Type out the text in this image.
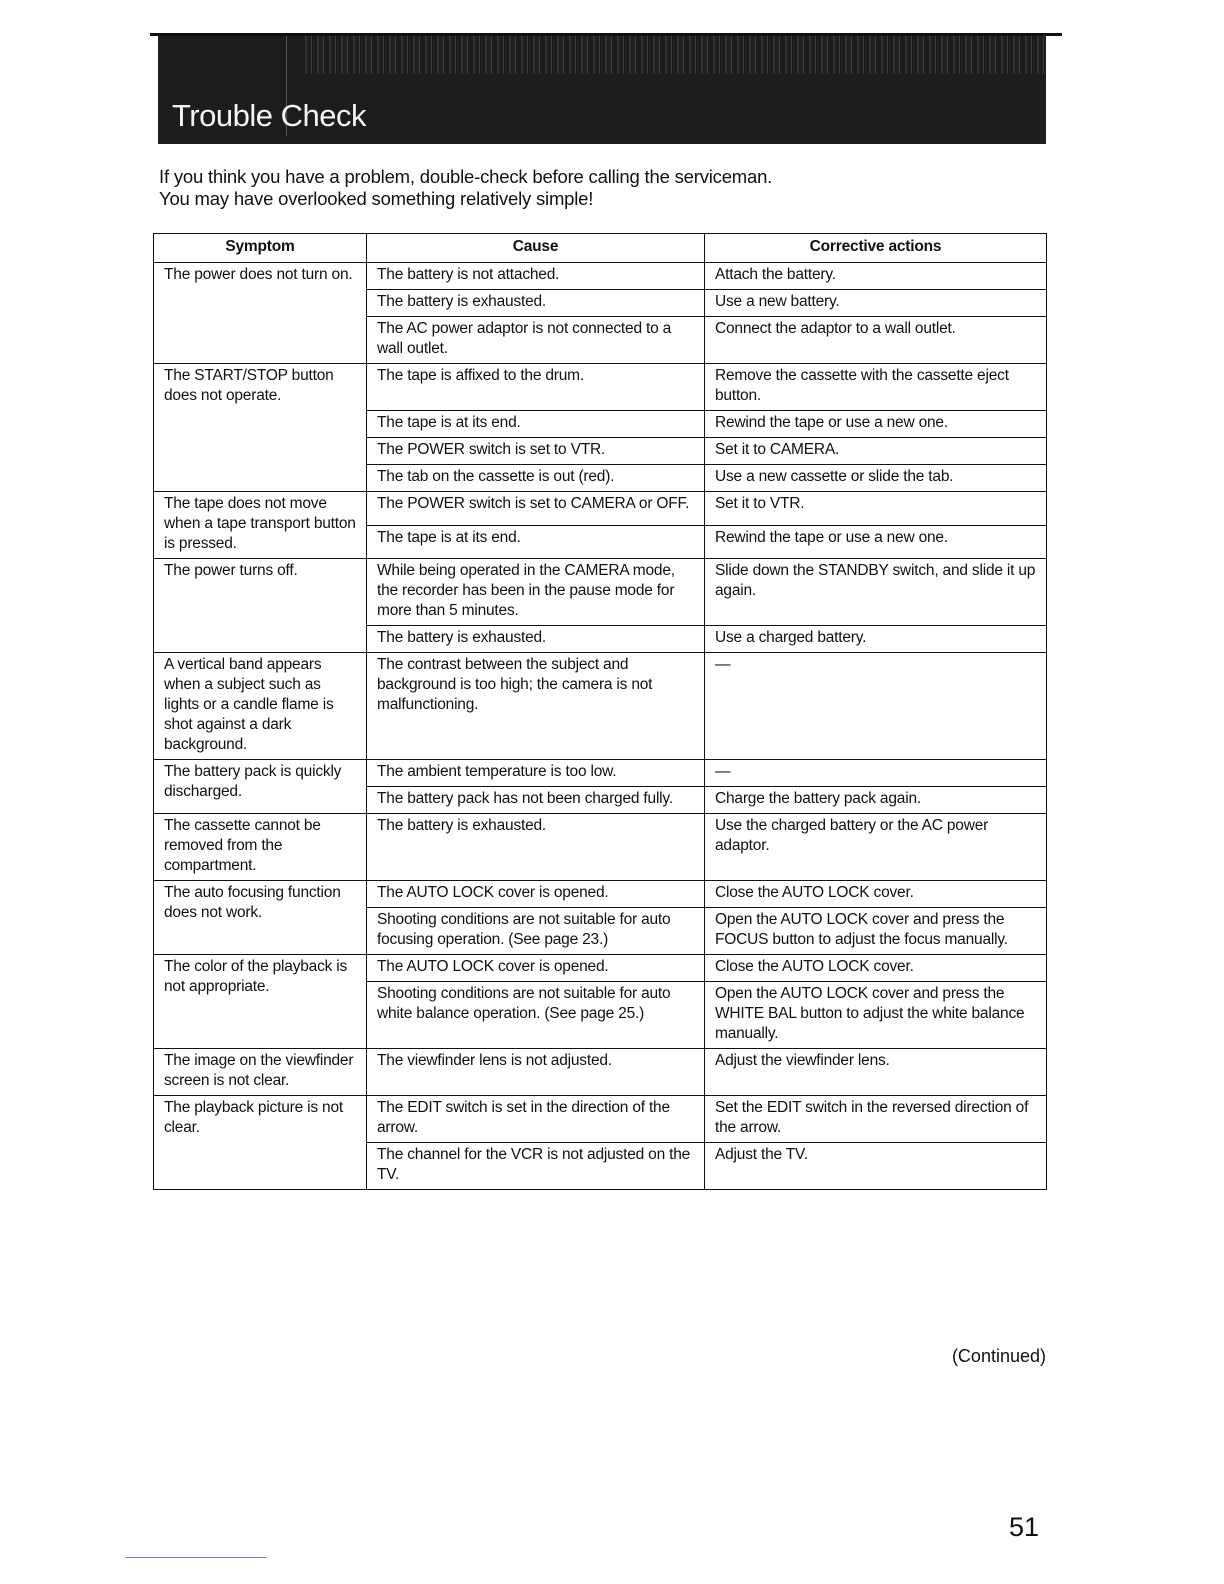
Trouble Check
If you think you have a problem, double-check before calling the serviceman.
You may have overlooked something relatively simple!
Symptom	Cause	Corrective actions
The power does not turn on.	The battery is not attached.	Attach the battery.
	The battery is exhausted.	Use a new battery.
	The AC power adaptor is not connected to a wall outlet.	Connect the adaptor to a wall outlet.
The START/STOP button does not operate.	The tape is affixed to the drum.	Remove the cassette with the cassette eject button.
	The tape is at its end.	Rewind the tape or use a new one.
	The POWER switch is set to VTR.	Set it to CAMERA.
	The tab on the cassette is out (red).	Use a new cassette or slide the tab.
The tape does not move when a tape transport button is pressed.	The POWER switch is set to CAMERA or OFF.	Set it to VTR.
	The tape is at its end.	Rewind the tape or use a new one.
The power turns off.	While being operated in the CAMERA mode, the recorder has been in the pause mode for more than 5 minutes.	Slide down the STANDBY switch, and slide it up again.
	The battery is exhausted.	Use a charged battery.
A vertical band appears when a subject such as lights or a candle flame is shot against a dark background.	The contrast between the subject and background is too high; the camera is not malfunctioning.	—
The battery pack is quickly discharged.	The ambient temperature is too low.	—
	The battery pack has not been charged fully.	Charge the battery pack again.
The cassette cannot be removed from the compartment.	The battery is exhausted.	Use the charged battery or the AC power adaptor.
The auto focusing function does not work.	The AUTO LOCK cover is opened.	Close the AUTO LOCK cover.
	Shooting conditions are not suitable for auto focusing operation. (See page 23.)	Open the AUTO LOCK cover and press the FOCUS button to adjust the focus manually.
The color of the playback is not appropriate.	The AUTO LOCK cover is opened.	Close the AUTO LOCK cover.
	Shooting conditions are not suitable for auto white balance operation. (See page 25.)	Open the AUTO LOCK cover and press the WHITE BAL button to adjust the white balance manually.
The image on the viewfinder screen is not clear.	The viewfinder lens is not adjusted.	Adjust the viewfinder lens.
The playback picture is not clear.	The EDIT switch is set in the direction of the arrow.	Set the EDIT switch in the reversed direction of the arrow.
	The channel for the VCR is not adjusted on the TV.	Adjust the TV.
(Continued)
51
